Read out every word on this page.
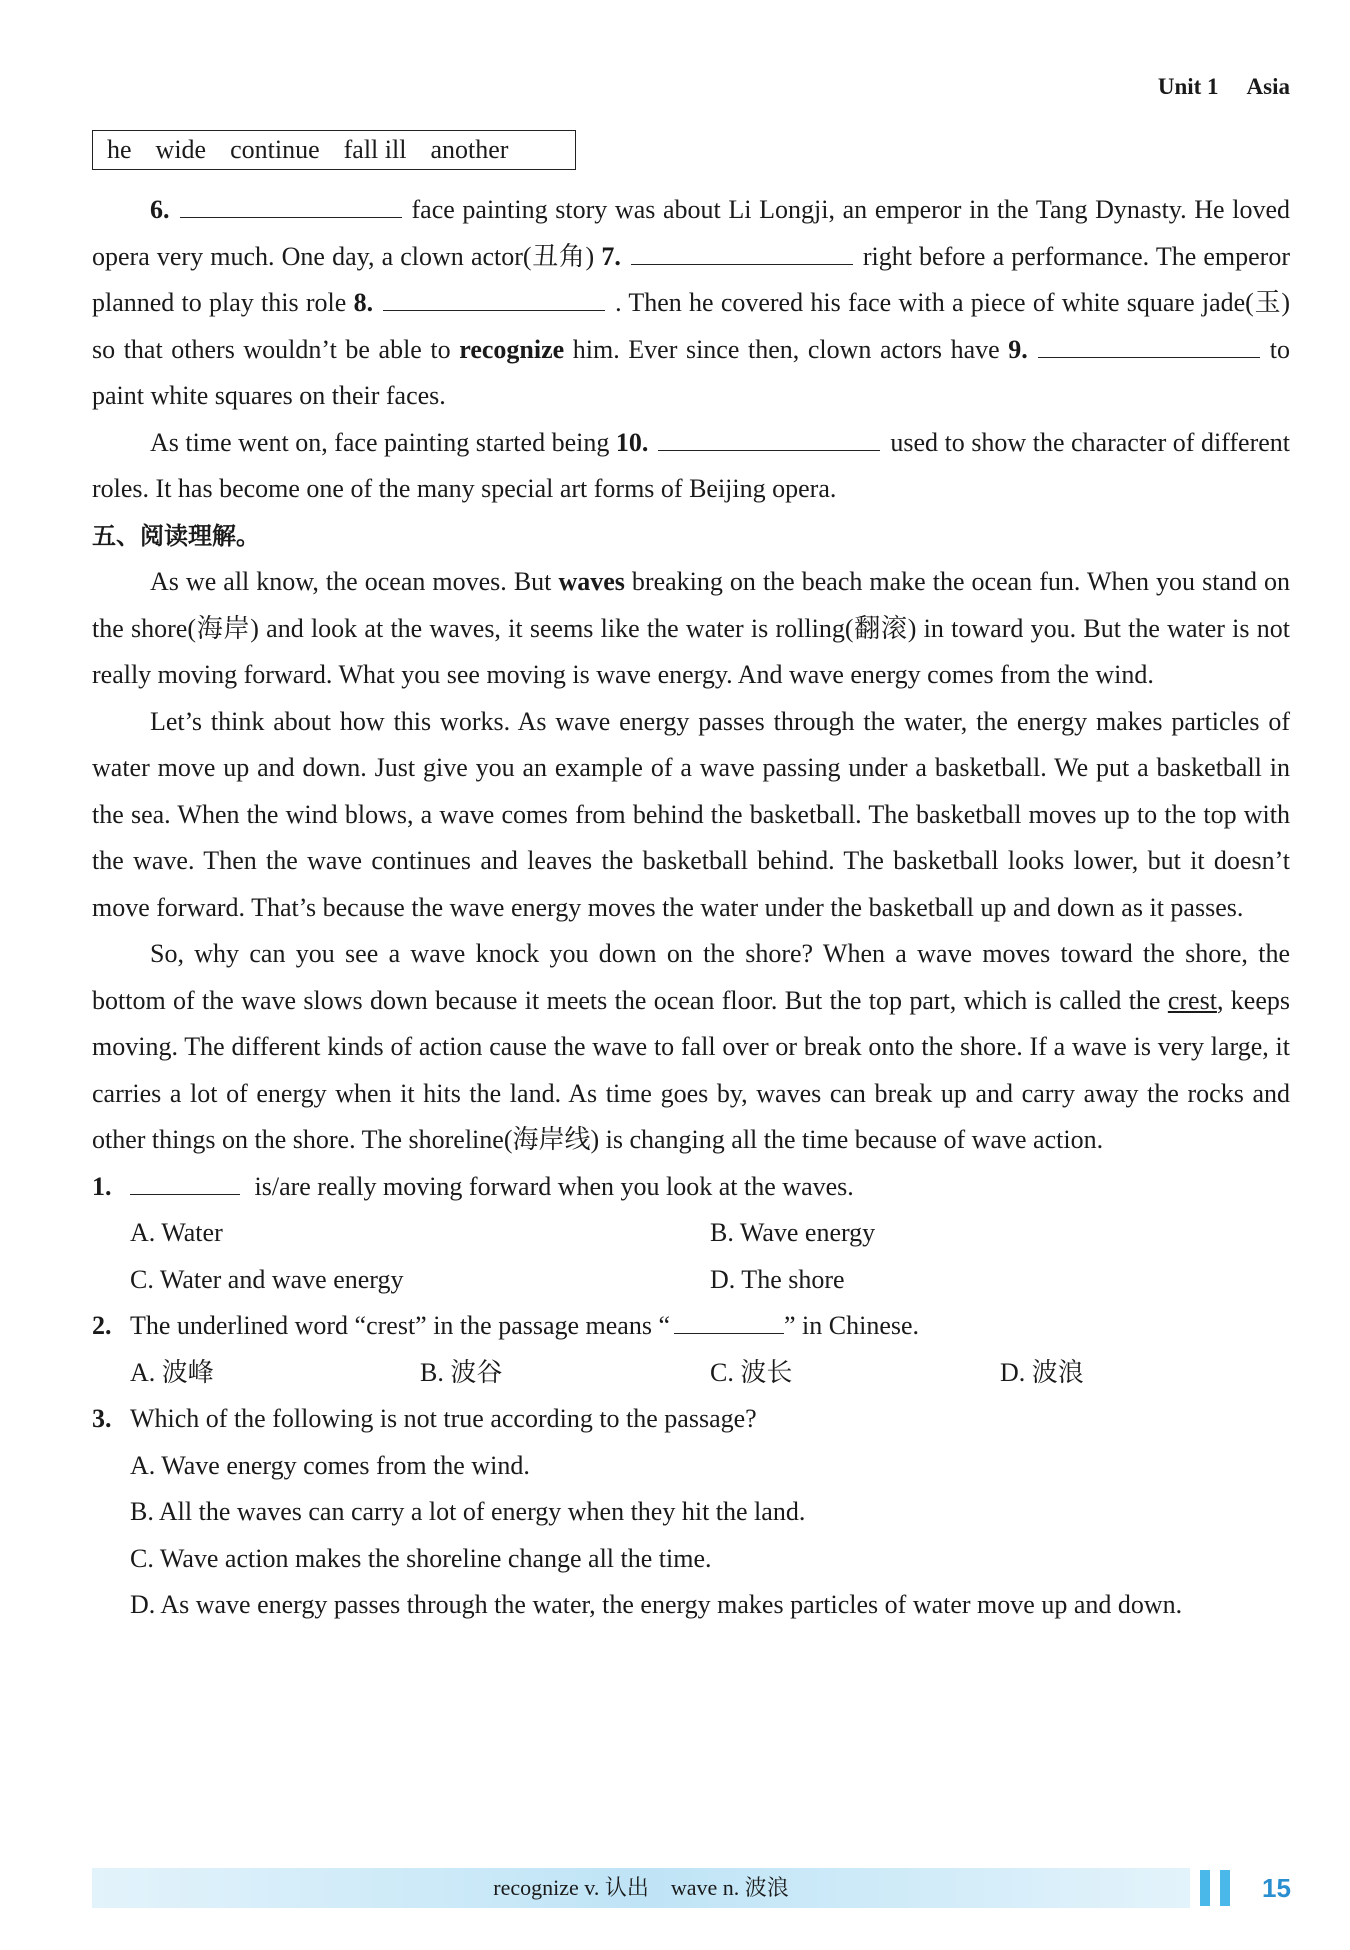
Unit 1 Asia
he wide continue fall ill another

6.	face painting story was about Li Longji, an emperor in the Tang Dynasty. He loved opera very much. One day, a clown actor(丑角) 7.	right before a performance. The emperor planned to play this role 8.	. Then he covered his face with a piece of white square jade(玉) so that others wouldn’t be able to recognize him. Ever since then, clown actors have 9.	to paint white squares on their faces.

As time went on, face painting started being 10.	used to show the character of different roles. It has become one of the many special art forms of Beijing opera.

五、阅读理解。

As we all know, the ocean moves. But waves breaking on the beach make the ocean fun. When you stand on the shore(海岸) and look at the waves, it seems like the water is rolling(翻滚) in toward you. But the water is not really moving forward. What you see moving is wave energy. And wave energy comes from the wind.

Let’s think about how this works. As wave energy passes through the water, the energy makes particles of water move up and down. Just give you an example of a wave passing under a basketball. We put a basketball in the sea. When the wind blows, a wave comes from behind the basketball. The basketball moves up to the top with the wave. Then the wave continues and leaves the basketball behind. The basketball looks lower, but it doesn’t move forward. That’s because the wave energy moves the water under the basketball up and down as it passes.

So, why can you see a wave knock you down on the shore? When a wave moves toward the shore, the bottom of the wave slows down because it meets the ocean floor. But the top part, which is called the crest, keeps moving. The different kinds of action cause the wave to fall over or break onto the shore. If a wave is very large, it carries a lot of energy when it hits the land. As time goes by, waves can break up and carry away the rocks and other things on the shore. The shoreline(海岸线) is changing all the time because of wave action.

1.	is/are really moving forward when you look at the waves.
A. Water	B. Wave energy
C. Water and wave energy	D. The shore
2. The underlined word “crest” in the passage means “	” in Chinese.
A. 波峰	B. 波谷	C. 波长	D. 波浪
3. Which of the following is not true according to the passage?
A. Wave energy comes from the wind.
B. All the waves can carry a lot of energy when they hit the land.
C. Wave action makes the shoreline change all the time.
D. As wave energy passes through the water, the energy makes particles of water move up and down.
recognize v. 认出　wave n. 波浪	15
